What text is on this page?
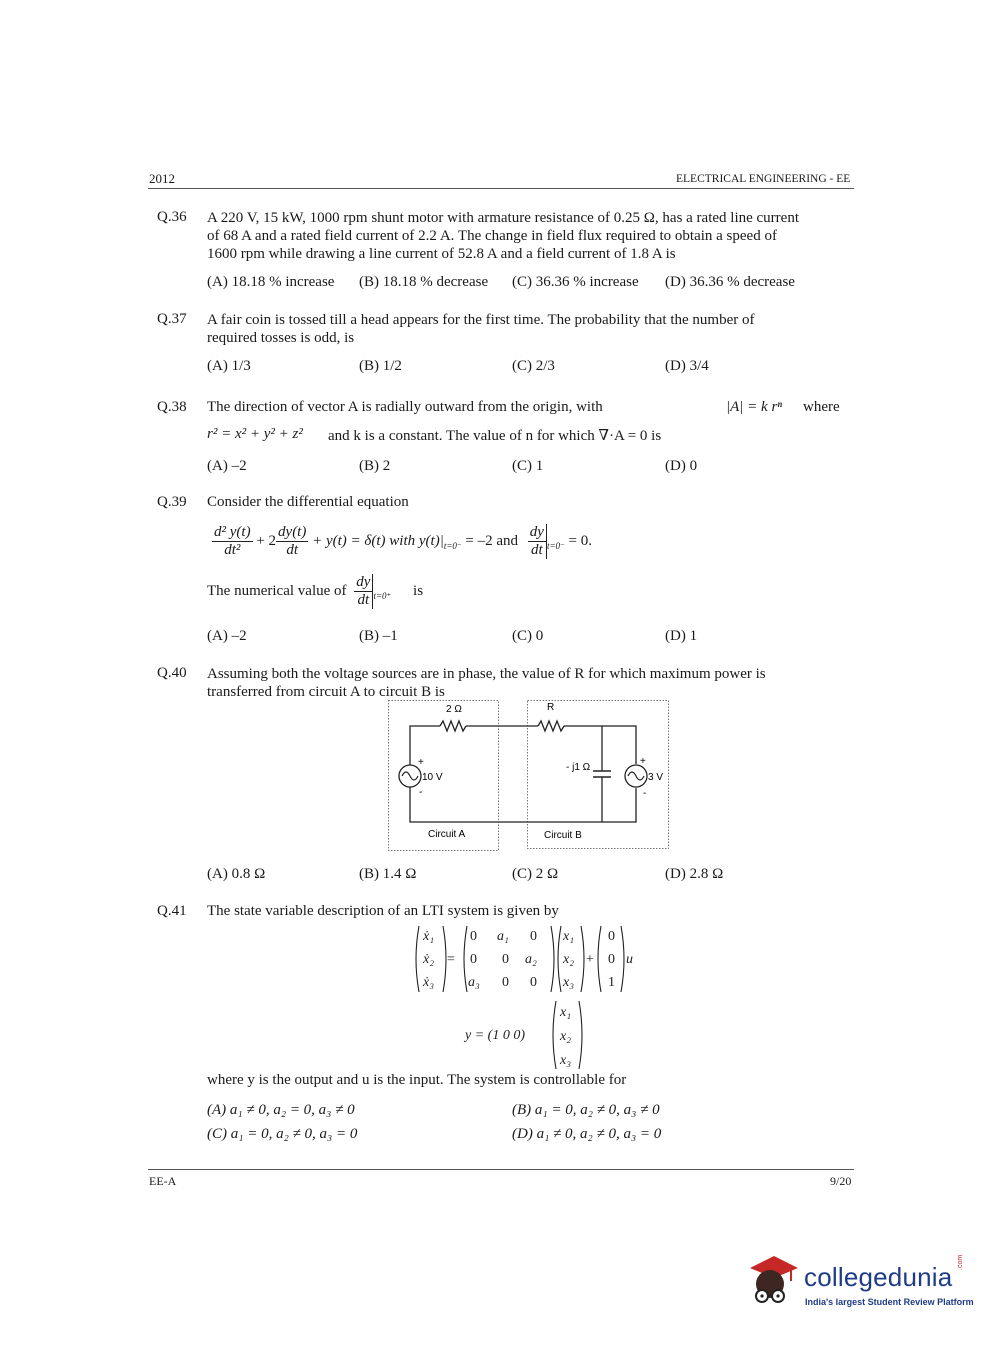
2012	ELECTRICAL ENGINEERING - EE
Q.36 A 220 V, 15 kW, 1000 rpm shunt motor with armature resistance of 0.25 Ω, has a rated line current
of 68 A and a rated field current of 2.2 A. The change in field flux required to obtain a speed of
1600 rpm while drawing a line current of 52.8 A and a field current of 1.8 A is
(A) 18.18 % increase (B) 18.18 % decrease (C) 36.36 % increase (D) 36.36 % decrease
Q.37 A fair coin is tossed till a head appears for the first time. The probability that the number of
required tosses is odd, is
(A) 1/3	(B) 1/2	(C) 2/3	(D) 3/4
Q.38 The direction of vector A is radially outward from the origin, with	|A| = k rⁿ where
r² = x² + y² + z² and k is a constant. The value of n for which ∇·A = 0 is
(A) –2	(B) 2	(C) 1	(D) 0
Q.39 Consider the differential equation
$\frac{\text{d² y(t)}}{\text{dt²}} + 2 \frac{dy(t)}{dt} + y(t) = \delta(t)$ with $y(t)|_{t=0^-} = -2$ and $\frac{dy}{dt} _{t=0^-} = 0$.
The numerical value of $\frac{dy}{dt} _{t=0^+}$ is
(A) –2	(B) –1	(C) 0	(D) 1
Q.40 Assuming both the voltage sources are in phase, the value of R for which maximum power is
transferred from circuit A to circuit B is
2 Ω	R
- j1 Ω
10 V	3 V
+
-
+
-
Circuit A	Circuit B
(A) 0.8 Ω	(B) 1.4 Ω	(C) 2 Ω	(D) 2.8 Ω
Q.41 The state variable description of an LTI system is given by
ẋ₁
ẋ₂
ẋ₃
=
0 a₁ 0
0 0 a₂
a₃ 0 0
x₁
x₂
x₃
+
0
0
1
u
y = (1 0 0)
x₁
x₂
x₃
where y is the output and u is the input. The system is controllable for
(A) a₁ ≠ 0, a₂ = 0, a₃ ≠ 0	(B) a₁ = 0, a₂ ≠ 0, a₃ ≠ 0
(C) a₁ = 0, a₂ ≠ 0, a₃ = 0	(D) a₁ ≠ 0, a₂ ≠ 0, a₃ = 0
EE-A	9/20
collegedunia .com
India's largest Student Review Platform
